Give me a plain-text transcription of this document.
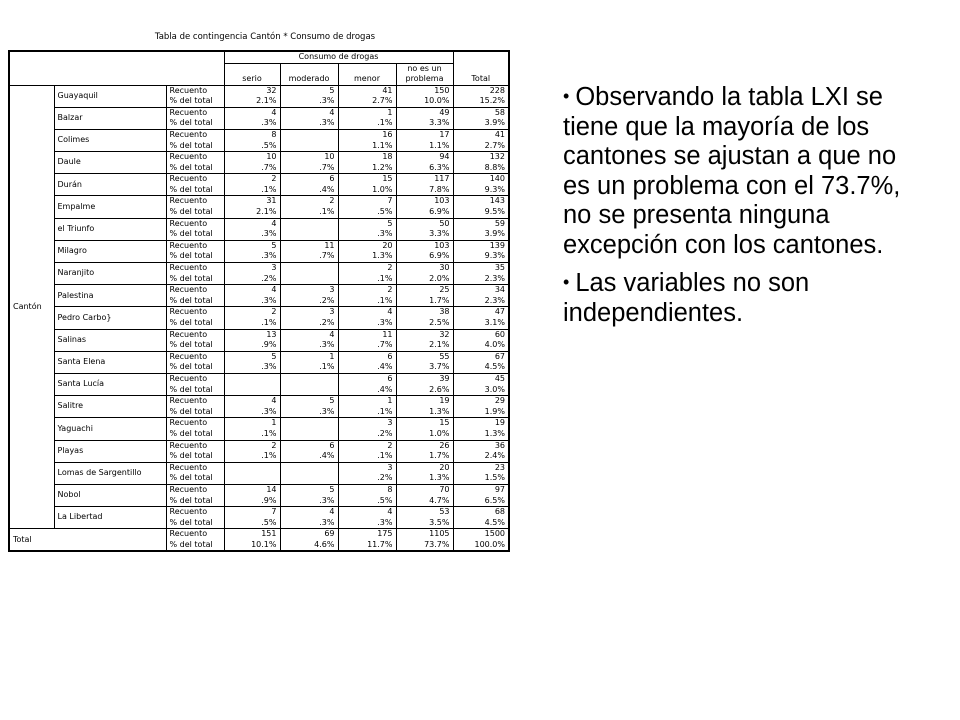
Tabla de contingencia Cantón * Consumo de drogas
			Consumo de drogas				
						no es un	
			serio	moderado	menor	problema	Total
Cantón	Guayaquil	Recuento	32	5	41	150	228
		% del total	2.1%	.3%	2.7%	10.0%	15.2%
	Balzar	Recuento	4	4	1	49	58
		% del total	.3%	.3%	.1%	3.3%	3.9%
	Colimes	Recuento	8		16	17	41
		% del total	.5%		1.1%	1.1%	2.7%
	Daule	Recuento	10	10	18	94	132
		% del total	.7%	.7%	1.2%	6.3%	8.8%
	Durán	Recuento	2	6	15	117	140
		% del total	.1%	.4%	1.0%	7.8%	9.3%
	Empalme	Recuento	31	2	7	103	143
		% del total	2.1%	.1%	.5%	6.9%	9.5%
	el Triunfo	Recuento	4		5	50	59
		% del total	.3%		.3%	3.3%	3.9%
	Milagro	Recuento	5	11	20	103	139
		% del total	.3%	.7%	1.3%	6.9%	9.3%
	Naranjito	Recuento	3		2	30	35
		% del total	.2%		.1%	2.0%	2.3%
	Palestina	Recuento	4	3	2	25	34
		% del total	.3%	.2%	.1%	1.7%	2.3%
	Pedro Carbo}	Recuento	2	3	4	38	47
		% del total	.1%	.2%	.3%	2.5%	3.1%
	Salinas	Recuento	13	4	11	32	60
		% del total	.9%	.3%	.7%	2.1%	4.0%
	Santa Elena	Recuento	5	1	6	55	67
		% del total	.3%	.1%	.4%	3.7%	4.5%
	Santa Lucía	Recuento			6	39	45
		% del total			.4%	2.6%	3.0%
	Salitre	Recuento	4	5	1	19	29
		% del total	.3%	.3%	.1%	1.3%	1.9%
	Yaguachi	Recuento	1		3	15	19
		% del total	.1%		.2%	1.0%	1.3%
	Playas	Recuento	2	6	2	26	36
		% del total	.1%	.4%	.1%	1.7%	2.4%
	Lomas de Sargentillo	Recuento			3	20	23
		% del total			.2%	1.3%	1.5%
	Nobol	Recuento	14	5	8	70	97
		% del total	.9%	.3%	.5%	4.7%	6.5%
	La Libertad	Recuento	7	4	4	53	68
		% del total	.5%	.3%	.3%	3.5%	4.5%
Total		Recuento	151	69	175	1105	1500
		% del total	10.1%	4.6%	11.7%	73.7%	100.0%

• Observando la tabla LXI se tiene que la mayoría de los cantones se ajustan a que no es un problema con el 73.7%, no se presenta ninguna excepción con los cantones.

• Las variables no son independientes.
